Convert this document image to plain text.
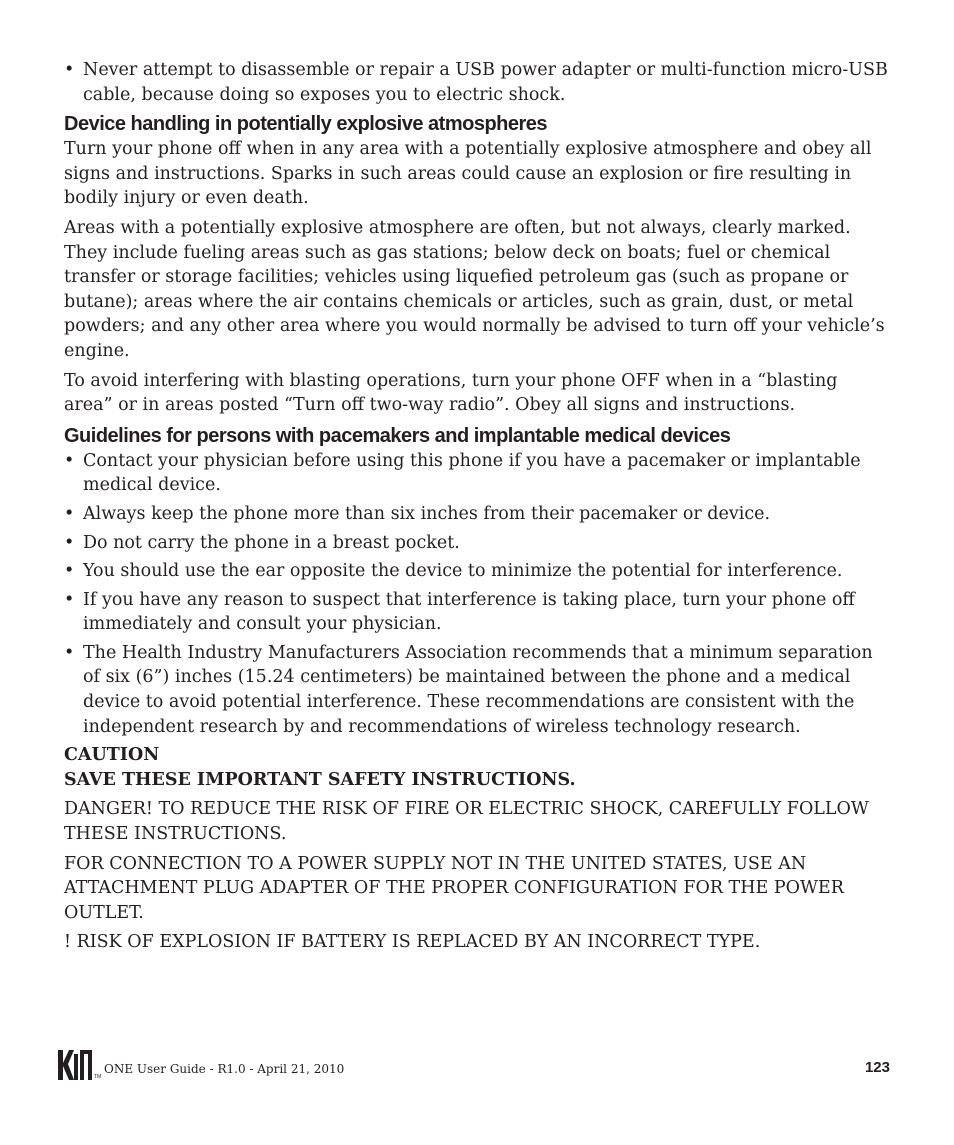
• Never attempt to disassemble or repair a USB power adapter or multi-function micro-USB cable, because doing so exposes you to electric shock.
Device handling in potentially explosive atmospheres

Turn your phone off when in any area with a potentially explosive atmosphere and obey all signs and instructions. Sparks in such areas could cause an explosion or fire resulting in bodily injury or even death.

Areas with a potentially explosive atmosphere are often, but not always, clearly marked. They include fueling areas such as gas stations; below deck on boats; fuel or chemical transfer or storage facilities; vehicles using liquefied petroleum gas (such as propane or butane); areas where the air contains chemicals or articles, such as grain, dust, or metal powders; and any other area where you would normally be advised to turn off your vehicle’s engine.

To avoid interfering with blasting operations, turn your phone OFF when in a “blasting area” or in areas posted “Turn off two-way radio”. Obey all signs and instructions.

Guidelines for persons with pacemakers and implantable medical devices
• Contact your physician before using this phone if you have a pacemaker or implantable medical device.
• Always keep the phone more than six inches from their pacemaker or device.
• Do not carry the phone in a breast pocket.
• You should use the ear opposite the device to minimize the potential for interference.
• If you have any reason to suspect that interference is taking place, turn your phone off immediately and consult your physician.
• The Health Industry Manufacturers Association recommends that a minimum separation of six (6”) inches (15.24 centimeters) be maintained between the phone and a medical device to avoid potential interference. These recommendations are consistent with the independent research by and recommendations of wireless technology research.
CAUTION
SAVE THESE IMPORTANT SAFETY INSTRUCTIONS.

DANGER! TO REDUCE THE RISK OF FIRE OR ELECTRIC SHOCK, CAREFULLY FOLLOW THESE INSTRUCTIONS.

FOR CONNECTION TO A POWER SUPPLY NOT IN THE UNITED STATES, USE AN ATTACHMENT PLUG ADAPTER OF THE PROPER CONFIGURATION FOR THE POWER OUTLET.

! RISK OF EXPLOSION IF BATTERY IS REPLACED BY AN INCORRECT TYPE.

TM
ONE User Guide - R1.0 - April 21, 2010	123
